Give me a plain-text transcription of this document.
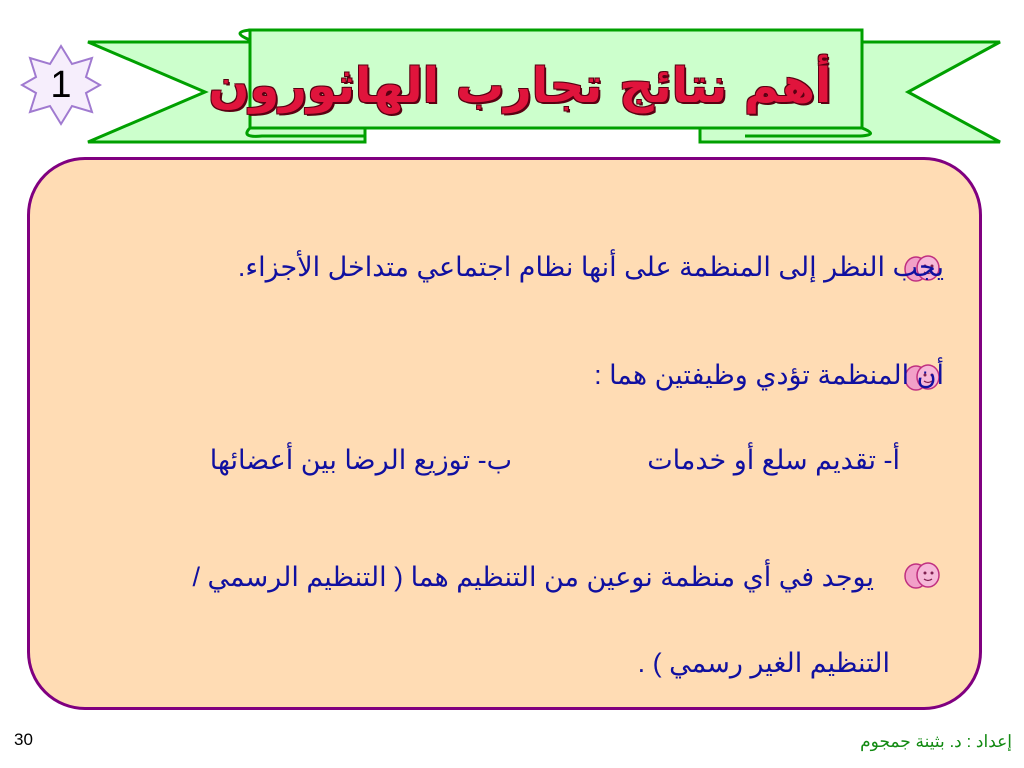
1	أهم نتائج تجارب الهاثورون
يجب النظر إلى المنظمة على أنها نظام اجتماعي متداخل الأجزاء.
أن المنظمة تؤدي وظيفتين هما :
أ- تقديم سلع أو خدمات
ب- توزيع الرضا بين أعضائها
يوجد في أي منظمة نوعين من التنظيم هما ( التنظيم الرسمي /
التنظيم الغير رسمي ) .
30	إعداد : د. بثينة جمجوم
